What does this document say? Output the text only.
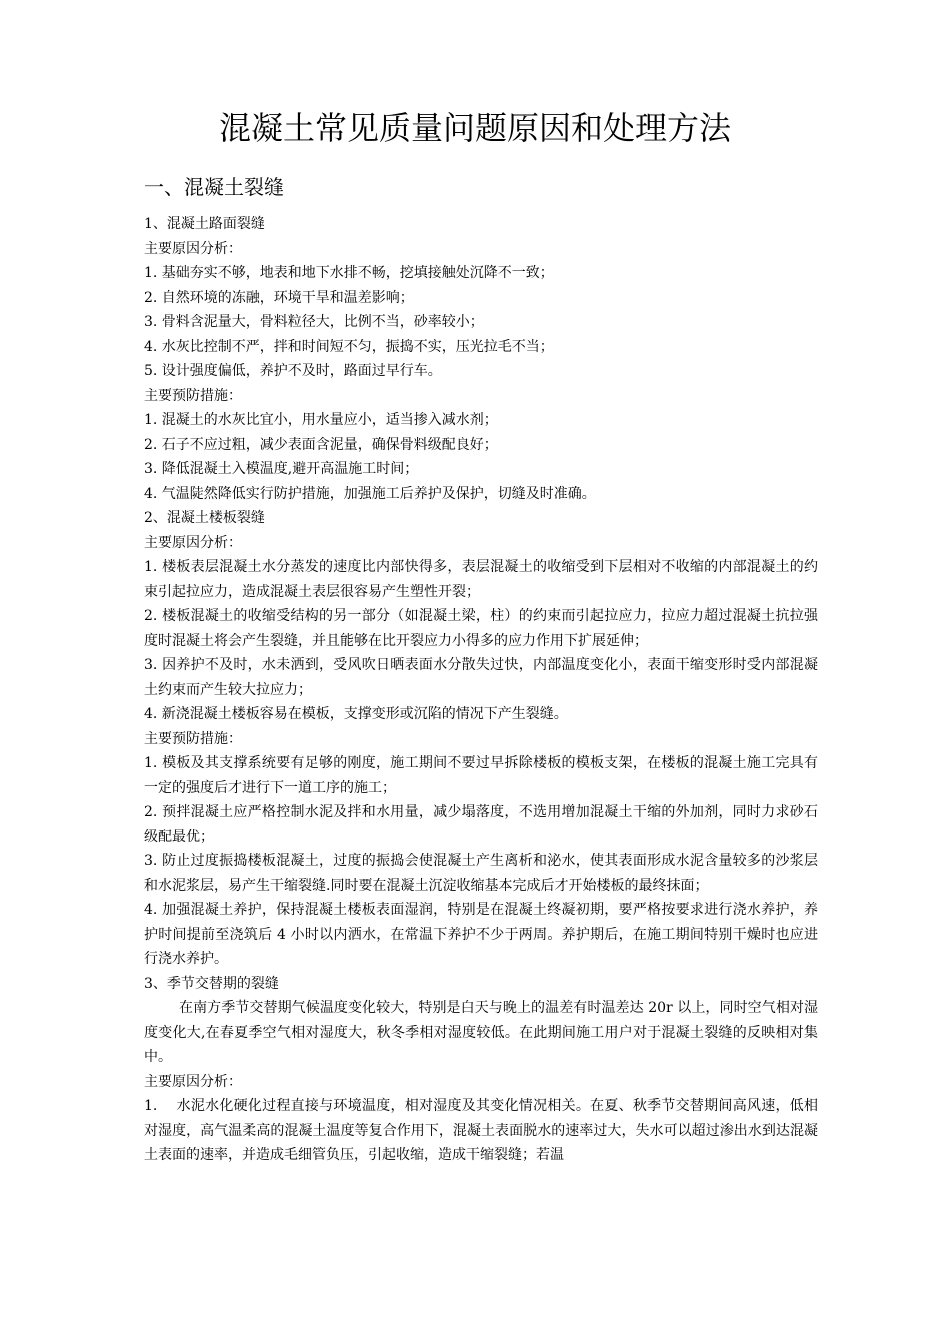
混凝土常见质量问题原因和处理方法
一、混凝土裂缝

1、混凝土路面裂缝

主要原因分析：

1. 基础夯实不够，地表和地下水排不畅，挖填接触处沉降不一致；

2. 自然环境的冻融，环境干旱和温差影响；

3. 骨料含泥量大，骨料粒径大，比例不当，砂率较小；

4. 水灰比控制不严，拌和时间短不匀，振捣不实，压光拉毛不当；

5. 设计强度偏低，养护不及时，路面过早行车。

主要预防措施：

1. 混凝土的水灰比宜小，用水量应小，适当掺入减水剂；

2. 石子不应过粗，减少表面含泥量，确保骨料级配良好；

3. 降低混凝土入模温度,避开高温施工时间；

4. 气温陡然降低实行防护措施，加强施工后养护及保护，切缝及时准确。

2、混凝土楼板裂缝

主要原因分析：

1. 楼板表层混凝土水分蒸发的速度比内部快得多，表层混凝土的收缩受到下层相对不收缩的内部混凝土的约束引起拉应力，造成混凝土表层很容易产生塑性开裂；

2. 楼板混凝土的收缩受结构的另一部分（如混凝土梁，柱）的约束而引起拉应力，拉应力超过混凝土抗拉强度时混凝土将会产生裂缝，并且能够在比开裂应力小得多的应力作用下扩展延伸；

3. 因养护不及时，水未洒到，受风吹日晒表面水分散失过快，内部温度变化小，表面干缩变形时受内部混凝土约束而产生较大拉应力；

4. 新浇混凝土楼板容易在模板，支撑变形或沉陷的情况下产生裂缝。

主要预防措施：

1. 模板及其支撑系统要有足够的刚度，施工期间不要过早拆除楼板的模板支架，在楼板的混凝土施工完具有一定的强度后才进行下一道工序的施工；

2. 预拌混凝土应严格控制水泥及拌和水用量，减少塌落度，不选用增加混凝土干缩的外加剂，同时力求砂石级配最优；

3. 防止过度振捣楼板混凝土，过度的振捣会使混凝土产生离析和泌水，使其表面形成水泥含量较多的沙浆层和水泥浆层，易产生干缩裂缝.同时要在混凝土沉淀收缩基本完成后才开始楼板的最终抹面；

4. 加强混凝土养护，保持混凝土楼板表面湿润，特别是在混凝土终凝初期，要严格按要求进行浇水养护，养护时间提前至浇筑后 4 小时以内洒水，在常温下养护不少于两周。养护期后，在施工期间特别干燥时也应进行浇水养护。

3、季节交替期的裂缝

在南方季节交替期气候温度变化较大，特别是白天与晚上的温差有时温差达 20r 以上，同时空气相对湿度变化大,在春夏季空气相对湿度大，秋冬季相对湿度较低。在此期间施工用户对于混凝土裂缝的反映相对集中。

主要原因分析：

1.　 水泥水化硬化过程直接与环境温度，相对湿度及其变化情况相关。在夏、秋季节交替期间高风速，低相对湿度，高气温柔高的混凝土温度等复合作用下，混凝土表面脱水的速率过大，失水可以超过渗出水到达混凝土表面的速率，并造成毛细管负压，引起收缩，造成干缩裂缝；若温
